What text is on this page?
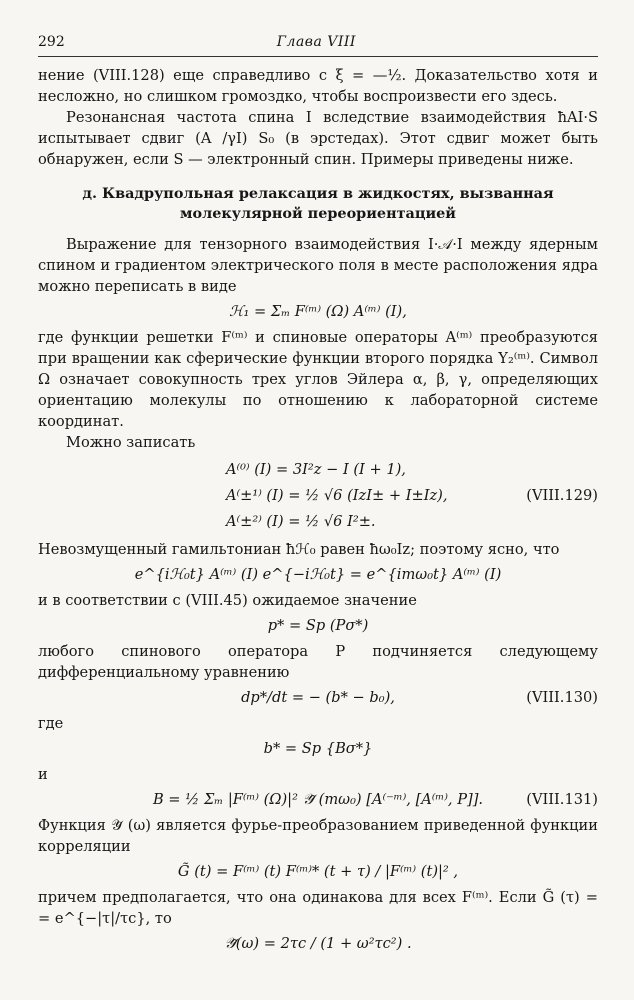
292	Глава VIII

нение (VIII.128) еще справедливо с ξ = —½. Доказательство хотя и несложно, но слишком громоздко, чтобы воспроизвести его здесь.

Резонансная частота спина I вследствие взаимодействия ħAI·S испытывает сдвиг (A /γI) S₀ (в эрстедах). Этот сдвиг может быть обнаружен, если S — электронный спин. Примеры приведены ниже.

д. Квадрупольная релаксация в жидкостях, вызванная молекулярной переориентацией

Выражение для тензорного взаимодействия I·𝒜·I между ядерным спином и градиентом электрического поля в месте расположения ядра можно переписать в виде

ℋ₁ = Σₘ F⁽ᵐ⁾ (Ω) A⁽ᵐ⁾ (I),

где функции решетки F⁽ᵐ⁾ и спиновые операторы A⁽ᵐ⁾ преобразуются при вращении как сферические функции второго порядка Y₂⁽ᵐ⁾. Символ Ω означает совокупность трех углов Эйлера α, β, γ, определяющих ориентацию молекулы по отношению к лабораторной системе координат.

Можно записать

A⁽⁰⁾ (I) = 3I²z − I (I + 1),
A⁽±¹⁾ (I) = ½ √6 (IzI± + I±Iz),	(VIII.129)
A⁽±²⁾ (I) = ½ √6 I²±.

Невозмущенный гамильтониан ħℋ₀ равен ħω₀Iz; поэтому ясно, что

e^{iℋ₀t} A⁽ᵐ⁾ (I) e^{−iℋ₀t} = e^{imω₀t} A⁽ᵐ⁾ (I)

и в соответствии с (VIII.45) ожидаемое значение

p* = Sp (Pσ*)

любого спинового оператора P подчиняется следующему дифференциальному уравнению

dp*/dt = − (b* − b₀),	(VIII.130)
где
b* = Sp {Bσ*}
и
B = ½ Σₘ |F⁽ᵐ⁾ (Ω)|² 𝒴̃ (mω₀) [A⁽⁻ᵐ⁾, [A⁽ᵐ⁾, P]].	(VIII.131)

Функция 𝒴̃ (ω) является фурье-преобразованием приведенной функции корреляции

G̃ (t) = F⁽ᵐ⁾ (t) F⁽ᵐ⁾* (t + τ) / |F⁽ᵐ⁾ (t)|² ,

причем предполагается, что она одинакова для всех F⁽ᵐ⁾. Если G̃ (τ) = = e^{−|τ|/τc}, то

𝒴̃(ω) = 2τc / (1 + ω²τc²) .
